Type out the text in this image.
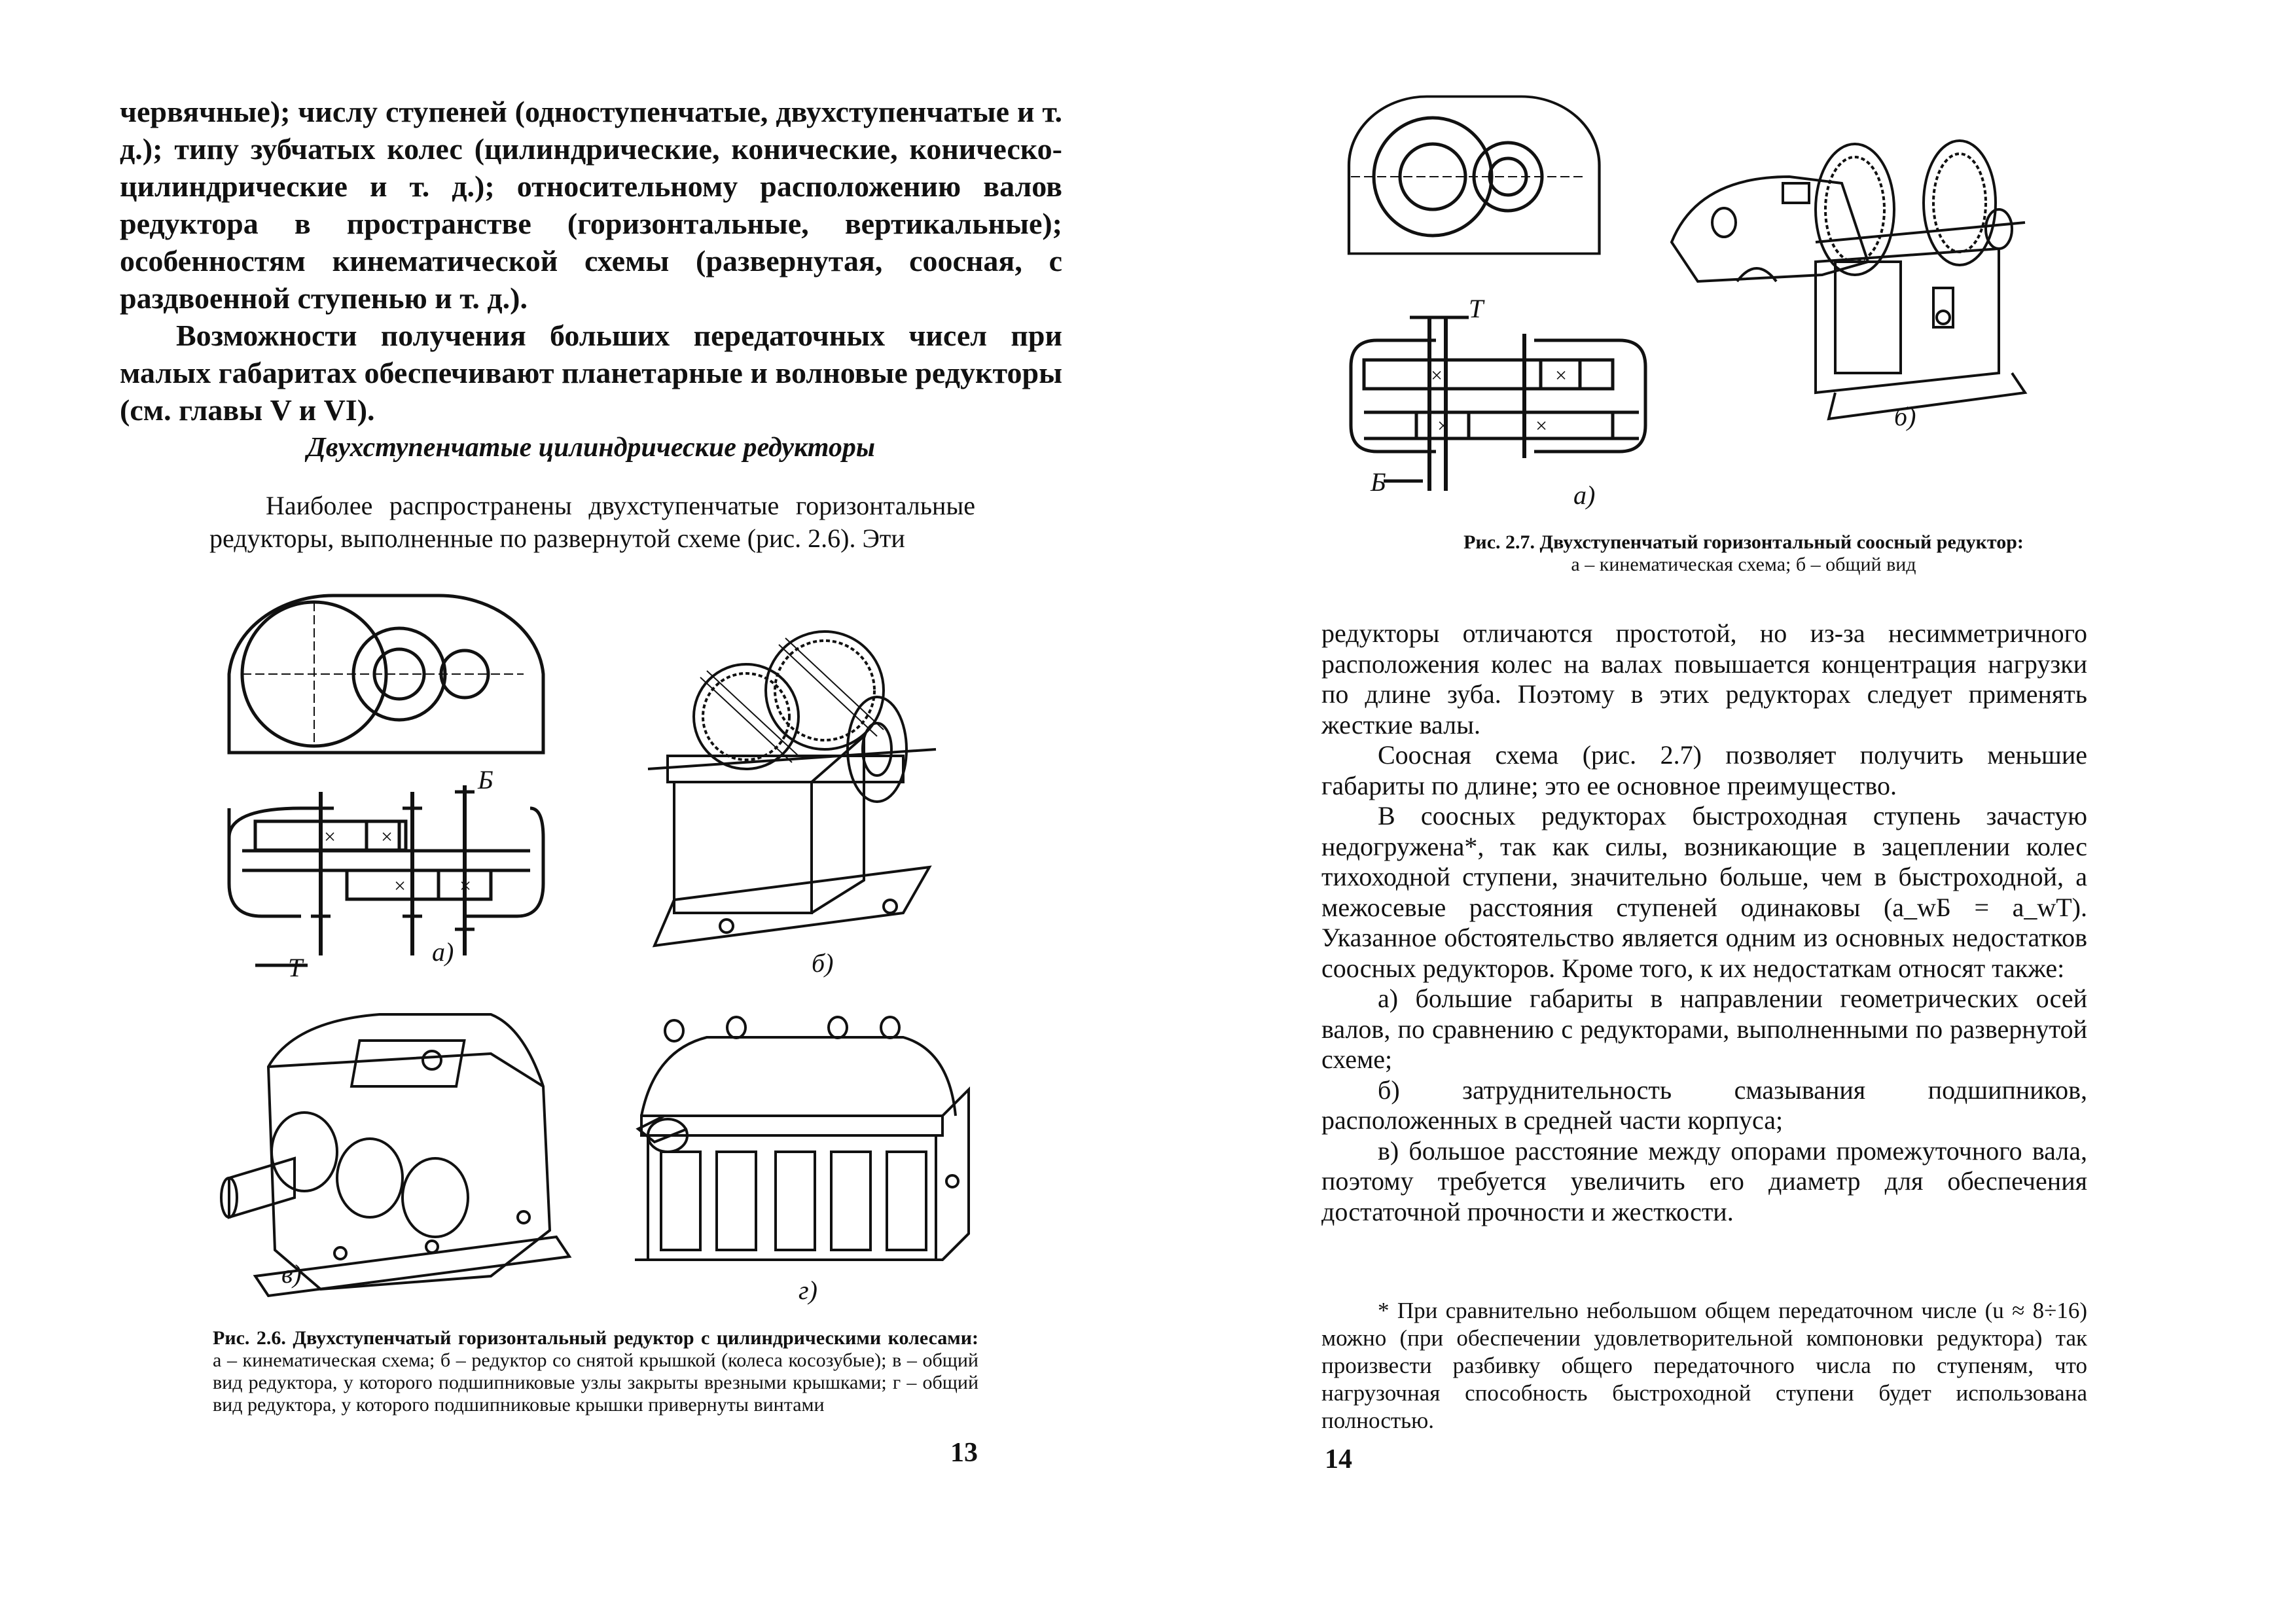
червячные); числу ступеней (одноступенчатые, двухступенчатые и т. д.); типу зубчатых колес (цилиндрические, конические, коническо-цилиндрические и т. д.); относительному расположению валов редуктора в пространстве (горизонтальные, вертикальные); особенностям кинематической схемы (развернутая, соосная, с раздвоенной ступенью и т. д.).

Возможности получения больших передаточных чисел при малых габаритах обеспечивают планетарные и волновые редукторы (см. главы V и VI).

Двухступенчатые цилиндрические редукторы

Наиболее распространены двухступенчатые горизонтальные редукторы, выполненные по развернутой схеме (рис. 2.6). Эти

× ×
× ×
Б
Т
а)	б)
в)
г)
Рис. 2.6. Двухступенчатый горизонтальный редуктор с цилиндрическими колесами: а – кинематическая схема; б – редуктор со снятой крышкой (колеса косозубые); в – общий вид редуктора, у которого подшипниковые узлы закрыты врезными крышками; г – общий вид редуктора, у которого подшипниковые крышки привернуты винтами

13

×	×
×	×
Т
Б	а)
б)
Рис. 2.7. Двухступенчатый горизонтальный соосный редуктор:
а – кинематическая схема; б – общий вид

редукторы отличаются простотой, но из-за несимметричного расположения колес на валах повышается концентрация нагрузки по длине зуба. Поэтому в этих редукторах следует применять жесткие валы.

Соосная схема (рис. 2.7) позволяет получить меньшие габариты по длине; это ее основное преимущество.

В соосных редукторах быстроходная ступень зачастую недогружена*, так как силы, возникающие в зацеплении колес тихоходной ступени, значительно больше, чем в быстроходной, а межосевые расстояния ступеней одинаковы (a_wБ = a_wТ). Указанное обстоятельство является одним из основных недостатков соосных редукторов. Кроме того, к их недостаткам относят также:

а) большие габариты в направлении геометрических осей валов, по сравнению с редукторами, выполненными по развернутой схеме;

б) затруднительность смазывания подшипников, расположенных в средней части корпуса;

в) большое расстояние между опорами промежуточного вала, поэтому требуется увеличить его диаметр для обеспечения достаточной прочности и жесткости.

* При сравнительно небольшом общем передаточном числе (u ≈ 8÷16) можно (при обеспечении удовлетворительной компоновки редуктора) так произвести разбивку общего передаточного числа по ступеням, что нагрузочная способность быстроходной ступени будет использована полностью.

14
